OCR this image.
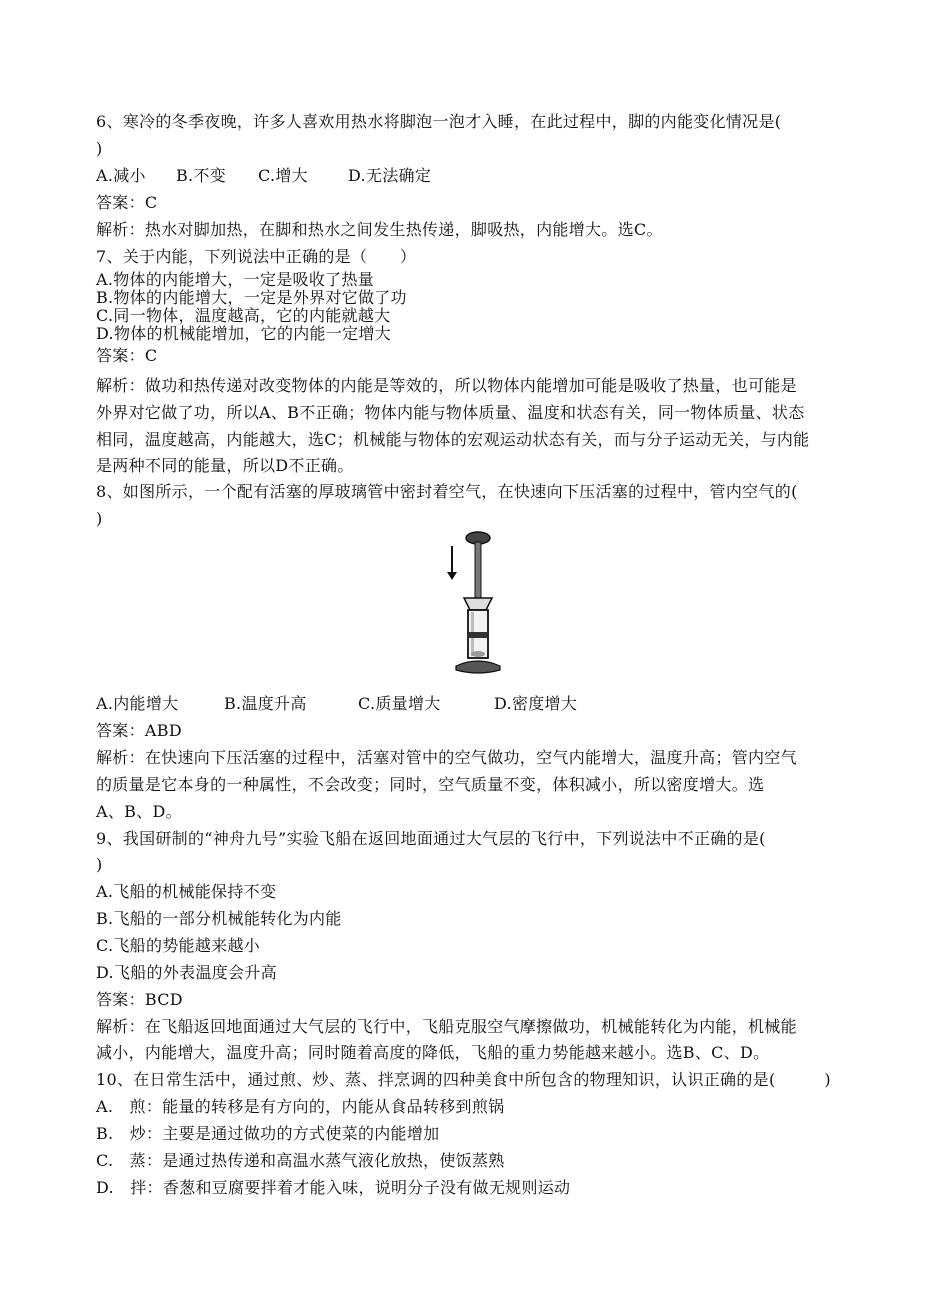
6、寒冷的冬季夜晚，许多人喜欢用热水将脚泡一泡才入睡，在此过程中，脚的内能变化情况是(
)
A.减小 B.不变 C.增大	D.无法确定
答案：C
解析：热水对脚加热，在脚和热水之间发生热传递，脚吸热，内能增大。选C。
7、关于内能，下列说法中正确的是（　　）
A.物体的内能增大，一定是吸收了热量
B.物体的内能增大，一定是外界对它做了功
C.同一物体，温度越高，它的内能就越大
D.物体的机械能增加，它的内能一定增大
答案：C
解析：做功和热传递对改变物体的内能是等效的，所以物体内能增加可能是吸收了热量，也可能是
外界对它做了功，所以A、B不正确；物体内能与物体质量、温度和状态有关，同一物体质量、状态
相同，温度越高，内能越大，选C；机械能与物体的宏观运动状态有关，而与分子运动无关，与内能
是两种不同的能量，所以D不正确。
8、如图所示，一个配有活塞的厚玻璃管中密封着空气，在快速向下压活塞的过程中，管内空气的(
)
A.内能增大	B.温度升高	C.质量增大	D.密度增大
答案：ABD
解析：在快速向下压活塞的过程中，活塞对管中的空气做功，空气内能增大，温度升高；管内空气
的质量是它本身的一种属性，不会改变；同时，空气质量不变，体积减小，所以密度增大。选
A、B、D。
9、我国研制的“神舟九号”实验飞船在返回地面通过大气层的飞行中，下列说法中不正确的是(
)
A.飞船的机械能保持不变
B.飞船的一部分机械能转化为内能
C.飞船的势能越来越小
D.飞船的外表温度会升高
答案：BCD
解析：在飞船返回地面通过大气层的飞行中，飞船克服空气摩擦做功，机械能转化为内能，机械能
减小，内能增大，温度升高；同时随着高度的降低，飞船的重力势能越来越小。选B、C、D。
10、在日常生活中，通过煎、炒、蒸、拌烹调的四种美食中所包含的物理知识，认识正确的是(　　　)
A.　煎：能量的转移是有方向的，内能从食品转移到煎锅
B.　炒：主要是通过做功的方式使菜的内能增加
C.　蒸：是通过热传递和高温水蒸气液化放热，使饭蒸熟
D.　拌：香葱和豆腐要拌着才能入味，说明分子没有做无规则运动
